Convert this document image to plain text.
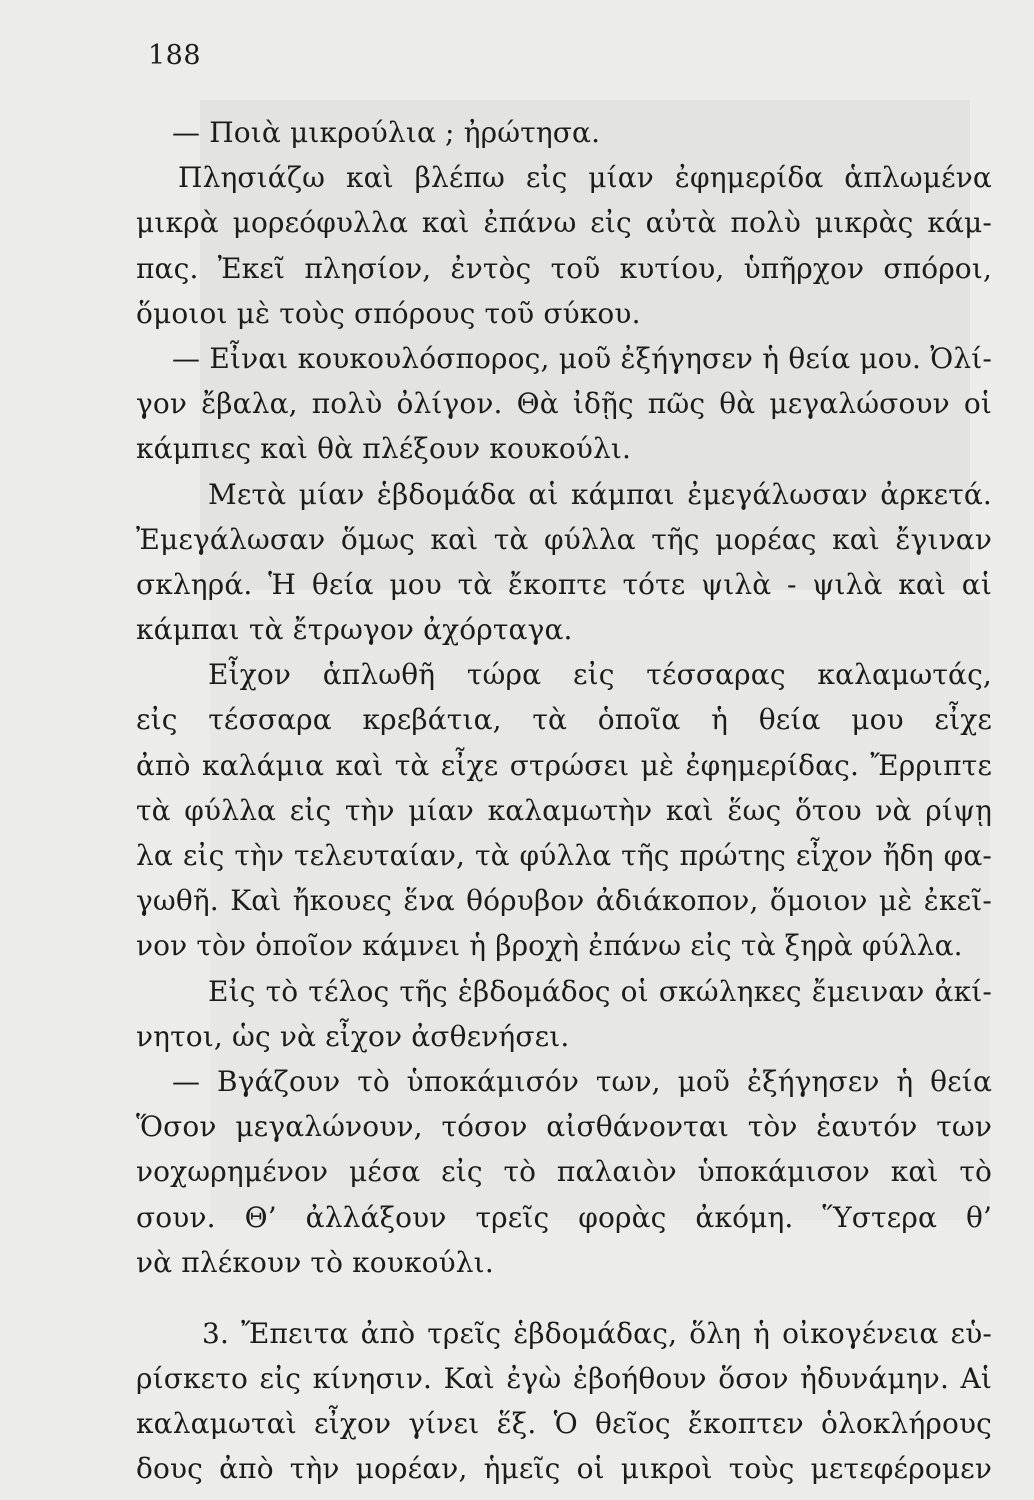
188
— Ποιὰ μικρούλια ; ἠρώτησα.
Πλησιάζω καὶ βλέπω εἰς μίαν ἐφημερίδα ἁπλωμένα
μικρὰ μορεόφυλλα καὶ ἐπάνω εἰς αὐτὰ πολὺ μικρὰς κάμ-
πας. Ἐκεῖ πλησίον, ἐντὸς τοῦ κυτίου, ὑπῆρχον σπόροι,
ὅμοιοι μὲ τοὺς σπόρους τοῦ σύκου.
— Εἶναι κουκουλόσπορος, μοῦ ἐξήγησεν ἡ θεία μου. Ὀλί-
γον ἔβαλα, πολὺ ὀλίγον. Θὰ ἰδῇς πῶς θὰ μεγαλώσουν οἱ
κάμπιες καὶ θὰ πλέξουν κουκούλι.
Μετὰ μίαν ἑβδομάδα αἱ κάμπαι ἐμεγάλωσαν ἀρκετά.
Ἐμεγάλωσαν ὅμως καὶ τὰ φύλλα τῆς μορέας καὶ ἔγιναν
σκληρά. Ἡ θεία μου τὰ ἔκοπτε τότε ψιλὰ - ψιλὰ καὶ αἱ
κάμπαι τὰ ἔτρωγον ἀχόρταγα.
Εἶχον ἁπλωθῆ τώρα εἰς τέσσαρας καλαμωτάς,
εἰς τέσσαρα κρεβάτια, τὰ ὁποῖα ἡ θεία μου εἶχε
ἀπὸ καλάμια καὶ τὰ εἶχε στρώσει μὲ ἐφημερίδας. Ἔρριπτε
τὰ φύλλα εἰς τὴν μίαν καλαμωτὴν καὶ ἕως ὅτου νὰ ρίψῃ
λα εἰς τὴν τελευταίαν, τὰ φύλλα τῆς πρώτης εἶχον ἤδη φα-
γωθῆ. Καὶ ἤκουες ἕνα θόρυβον ἀδιάκοπον, ὅμοιον μὲ ἐκεῖ-
νον τὸν ὁποῖον κάμνει ἡ βροχὴ ἐπάνω εἰς τὰ ξηρὰ φύλλα.
Εἰς τὸ τέλος τῆς ἑβδομάδος οἱ σκώληκες ἔμειναν ἀκί-
νητοι, ὡς νὰ εἶχον ἀσθενήσει.
— Βγάζουν τὸ ὑποκάμισόν των, μοῦ ἐξήγησεν ἡ θεία
Ὅσον μεγαλώνουν, τόσον αἰσθάνονται τὸν ἑαυτόν των
νοχωρημένον μέσα εἰς τὸ παλαιὸν ὑποκάμισον καὶ τὸ
σουν. Θ’ ἀλλάξουν τρεῖς φορὰς ἀκόμη. Ὕστερα θ’
νὰ πλέκουν τὸ κουκούλι.
3. Ἔπειτα ἀπὸ τρεῖς ἑβδομάδας, ὅλη ἡ οἰκογένεια εὑ-
ρίσκετο εἰς κίνησιν. Καὶ ἐγὼ ἐβοήθουν ὅσον ἠδυνάμην. Αἱ
καλαμωταὶ εἶχον γίνει ἕξ. Ὁ θεῖος ἔκοπτεν ὁλοκλήρους
δους ἀπὸ τὴν μορέαν, ἡμεῖς οἱ μικροὶ τοὺς μετεφέρομεν
